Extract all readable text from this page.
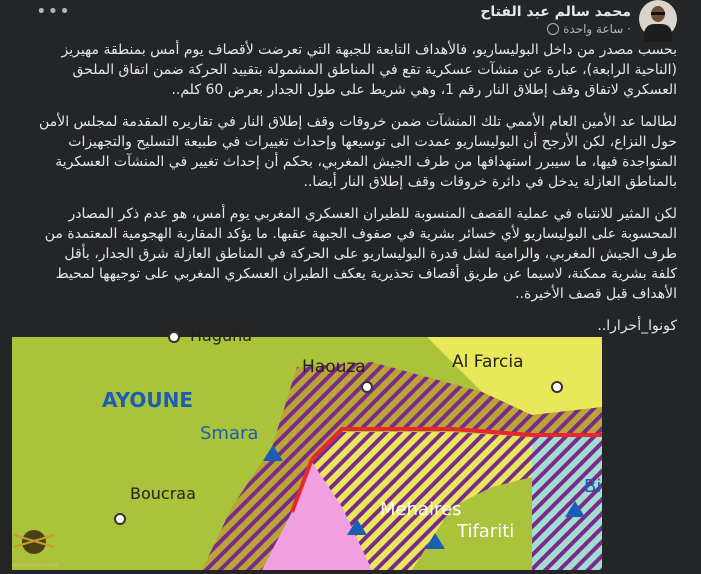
محمد سالم عبد الفتاح
ساعة واحدة ·
•••

بحسب مصدر من داخل البوليساريو، فالأهداف التابعة للجبهة التي تعرضت لأقصاف يوم أمس بمنطقة مهيريز (الناحية الرابعة)، عبارة عن منشآت عسكرية تقع في المناطق المشمولة بتقييد الحركة ضمن اتفاق الملحق العسكري لاتفاق وقف إطلاق النار رقم 1، وهي شريط على طول الجدار بعرض 60 كلم..

لطالما عد الأمين العام الأممي تلك المنشآت ضمن خروقات وقف إطلاق النار في تقاريره المقدمة لمجلس الأمن حول النزاع، لكن الأرجح أن البوليساريو عمدت الى توسيعها وإحداث تغييرات في طبيعة التسليح والتجهيزات المتواجدة فيها، ما سيبرر استهدافها من طرف الجيش المغربي، بحكم أن إحداث تغيير في المنشآت العسكرية بالمناطق العازلة يدخل في دائرة خروقات وقف إطلاق النار أيضا..

لكن المثير للانتباه في عملية القصف المنسوبة للطيران العسكري المغربي يوم أمس، هو عدم ذكر المصادر المحسوبة على البوليساريو لأي خسائر بشرية في صفوف الجبهة عقبها. ما يؤكد المقاربة الهجومية المعتمدة من طرف الجيش المغربي، والرامية لشل قدرة البوليساريو على الحركة في المناطق العازلة شرق الجدار، بأقل كلفة بشرية ممكنة، لاسيما عن طريق أقصاف تحذيرية يعكف الطيران العسكري المغربي على توجيهها لمحيط الأهداف قبل قصف الأخيرة..

كونوا_أحرارا..

Haguna
Haouza	Al Farcia
AYOUNE
Smara
Boucraa
Mehaires
Tifariti
Bi
ARAB DEFENSE FORUM
